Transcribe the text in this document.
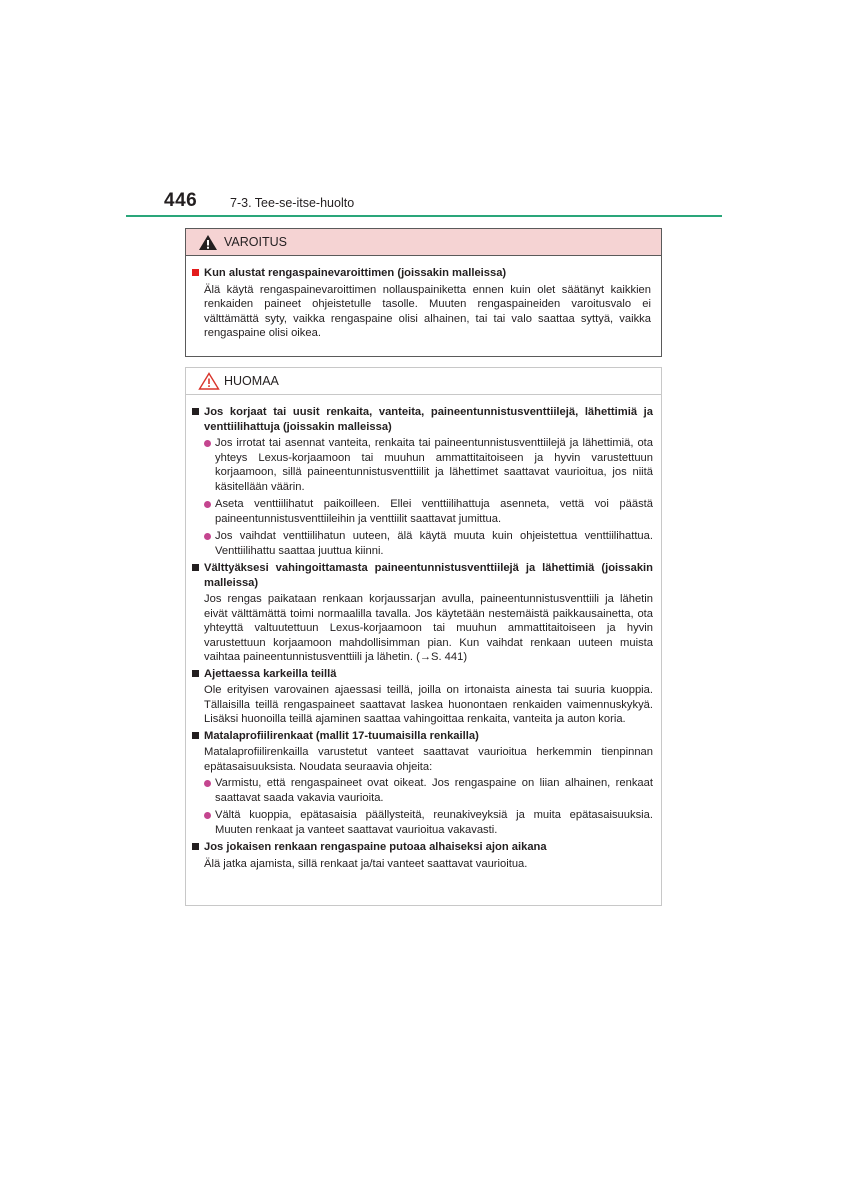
446	7-3. Tee-se-itse-huolto
VAROITUS
Kun alustat rengaspainevaroittimen (joissakin malleissa)
Älä käytä rengaspainevaroittimen nollauspainiketta ennen kuin olet säätänyt kaikkien renkaiden paineet ohjeistetulle tasolle. Muuten rengaspaineiden varoitusvalo ei välttämättä syty, vaikka rengaspaine olisi alhainen, tai tai valo saattaa syttyä, vaikka rengaspaine olisi oikea.
HUOMAA
Jos korjaat tai uusit renkaita, vanteita, paineentunnistusventtiilejä, lähettimiä ja venttiilihattuja (joissakin malleissa)
Jos irrotat tai asennat vanteita, renkaita tai paineentunnistusventtiilejä ja lähettimiä, ota yhteys Lexus-korjaamoon tai muuhun ammattitaitoiseen ja hyvin varustettuun korjaamoon, sillä paineentunnistusventtiilit ja lähettimet saattavat vaurioitua, jos niitä käsitellään väärin.
Aseta venttiilihatut paikoilleen. Ellei venttiilihattuja asenneta, vettä voi päästä paineentunnistusventtiileihin ja venttiilit saattavat jumittua.
Jos vaihdat venttiilihatun uuteen, älä käytä muuta kuin ohjeistettua venttiilihattua. Venttiilihattu saattaa juuttua kiinni.
Välttyäksesi vahingoittamasta paineentunnistusventtiilejä ja lähettimiä (joissakin malleissa)
Jos rengas paikataan renkaan korjaussarjan avulla, paineentunnistusventtiili ja lähetin eivät välttämättä toimi normaalilla tavalla. Jos käytetään nestemäistä paikkausainetta, ota yhteyttä valtuutettuun Lexus-korjaamoon tai muuhun ammattitaitoiseen ja hyvin varustettuun korjaamoon mahdollisimman pian. Kun vaihdat renkaan uuteen muista vaihtaa paineentunnistusventtiili ja lähetin. (→S. 441)
Ajettaessa karkeilla teillä
Ole erityisen varovainen ajaessasi teillä, joilla on irtonaista ainesta tai suuria kuoppia. Tällaisilla teillä rengaspaineet saattavat laskea huonontaen renkaiden vaimennuskykyä. Lisäksi huonoilla teillä ajaminen saattaa vahingoittaa renkaita, vanteita ja auton koria.
Matalaprofiilirenkaat (mallit 17-tuumaisilla renkailla)
Matalaprofiilirenkailla varustetut vanteet saattavat vaurioitua herkemmin tienpinnan epätasaisuuksista. Noudata seuraavia ohjeita:
Varmistu, että rengaspaineet ovat oikeat. Jos rengaspaine on liian alhainen, renkaat saattavat saada vakavia vaurioita.
Vältä kuoppia, epätasaisia päällysteitä, reunakiveyksiä ja muita epätasaisuuksia. Muuten renkaat ja vanteet saattavat vaurioitua vakavasti.
Jos jokaisen renkaan rengaspaine putoaa alhaiseksi ajon aikana
Älä jatka ajamista, sillä renkaat ja/tai vanteet saattavat vaurioitua.
